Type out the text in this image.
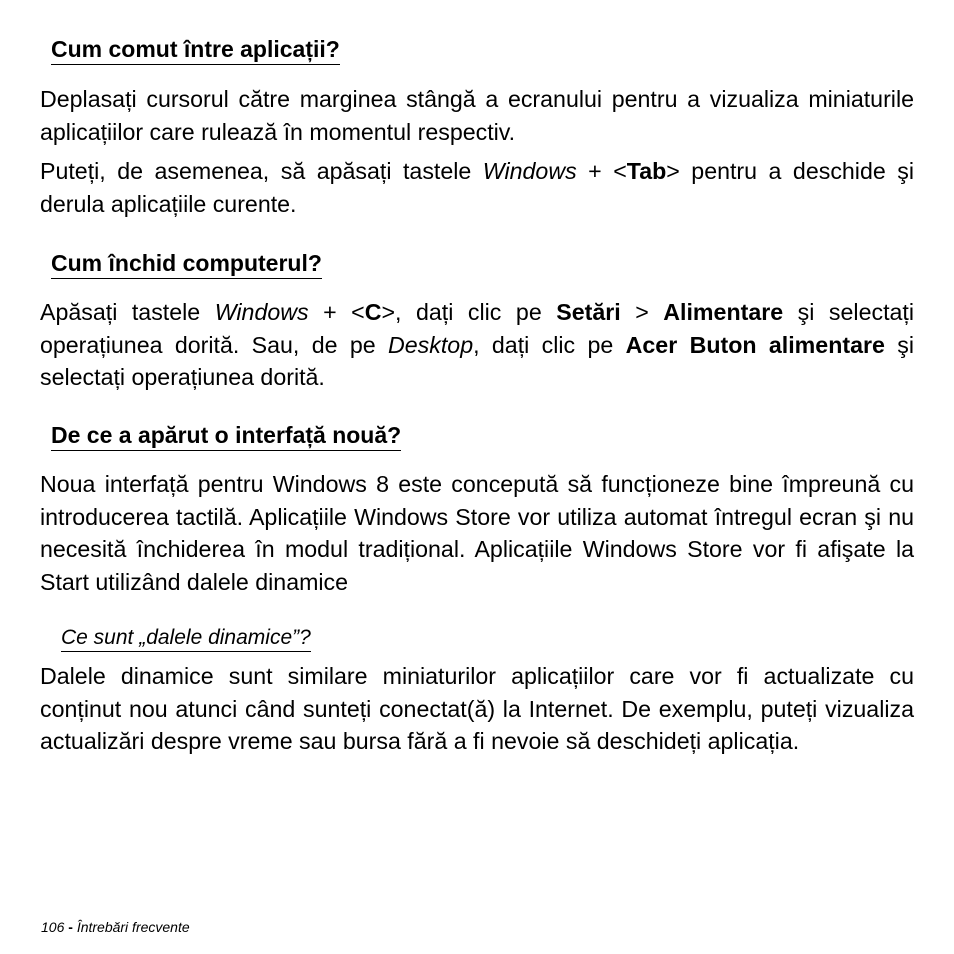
Cum comut între aplicații?

Deplasați cursorul către marginea stângă a ecranului pentru a vizualiza miniaturile aplicațiilor care rulează în momentul respectiv.

Puteți, de asemenea, să apăsați tastele Windows + <Tab> pentru a deschide şi derula aplicațiile curente.

Cum închid computerul?

Apăsați tastele Windows + <C>, dați clic pe Setări > Alimentare şi selectați operațiunea dorită. Sau, de pe Desktop, dați clic pe Acer Buton alimentare şi selectați operațiunea dorită.

De ce a apărut o interfață nouă?

Noua interfață pentru Windows 8 este concepută să funcționeze bine împreună cu introducerea tactilă. Aplicațiile Windows Store vor utiliza automat întregul ecran şi nu necesită închiderea în modul tradițional. Aplicațiile Windows Store vor fi afişate la Start utilizând dalele dinamice

Ce sunt „dalele dinamice”?

Dalele dinamice sunt similare miniaturilor aplicațiilor care vor fi actualizate cu conținut nou atunci când sunteți conectat(ă) la Internet. De exemplu, puteți vizualiza actualizări despre vreme sau bursa fără a fi nevoie să deschideți aplicația.

106 - Întrebări frecvente
